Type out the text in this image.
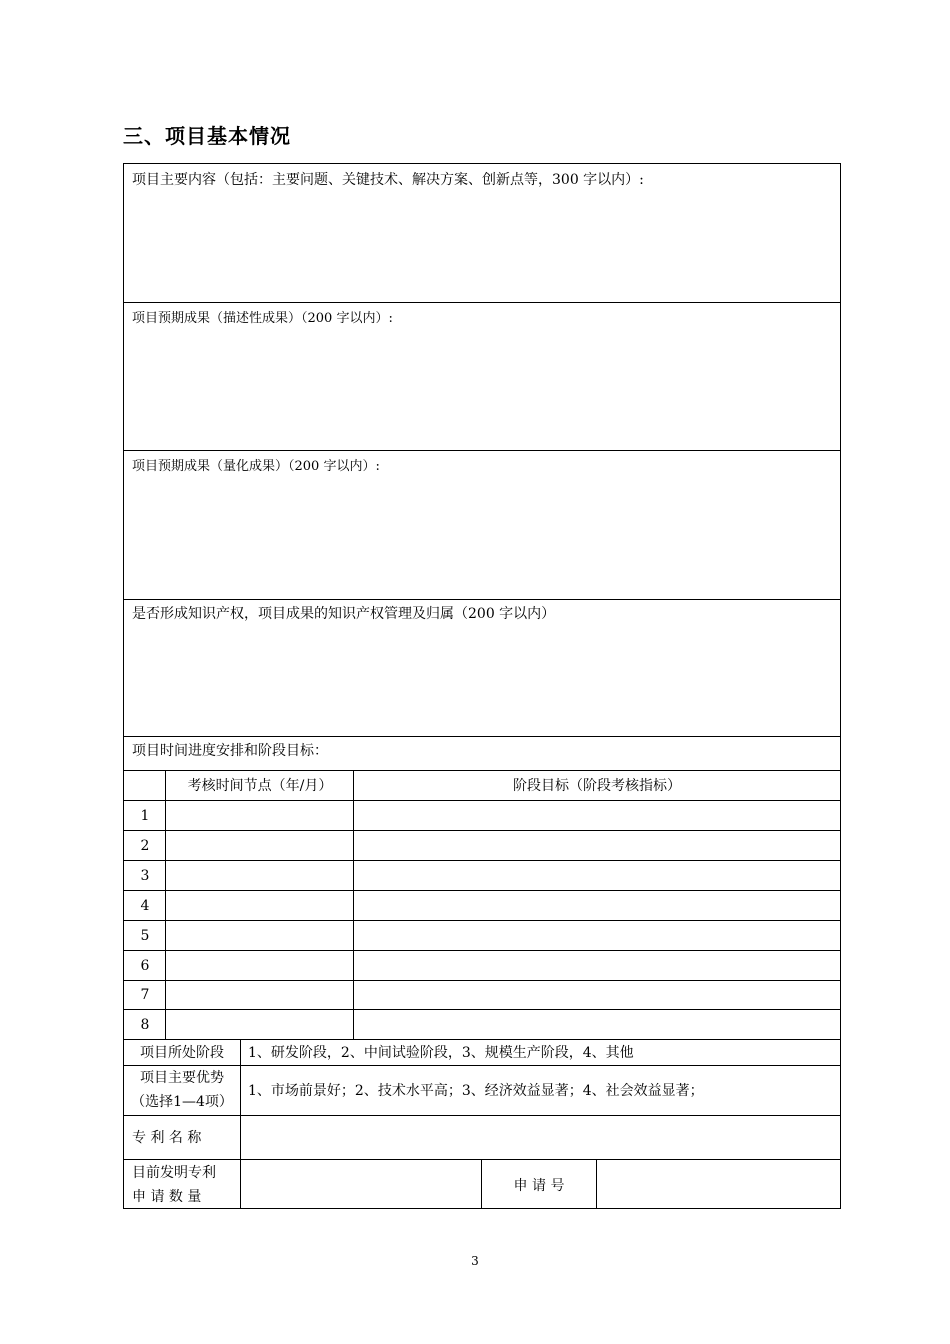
三、项目基本情况
项目主要内容（包括：主要问题、关键技术、解决方案、创新点等，300 字以内）:
项目预期成果（描述性成果）（200 字以内）:
项目预期成果（量化成果）（200 字以内）:
是否形成知识产权，项目成果的知识产权管理及归属（200 字以内）
项目时间进度安排和阶段目标：
考核时间节点（年/月）	阶段目标（阶段考核指标）
1
2
3
4
5
6
7
8
项目所处阶段	1、研发阶段，2、中间试验阶段，3、规模生产阶段，4、其他
项目主要优势
（选择1—4项）
1、市场前景好；2、技术水平高；3、经济效益显著；4、社会效益显著；
专 利 名 称
目前发明专利
申 请 数 量
申 请 号
3
